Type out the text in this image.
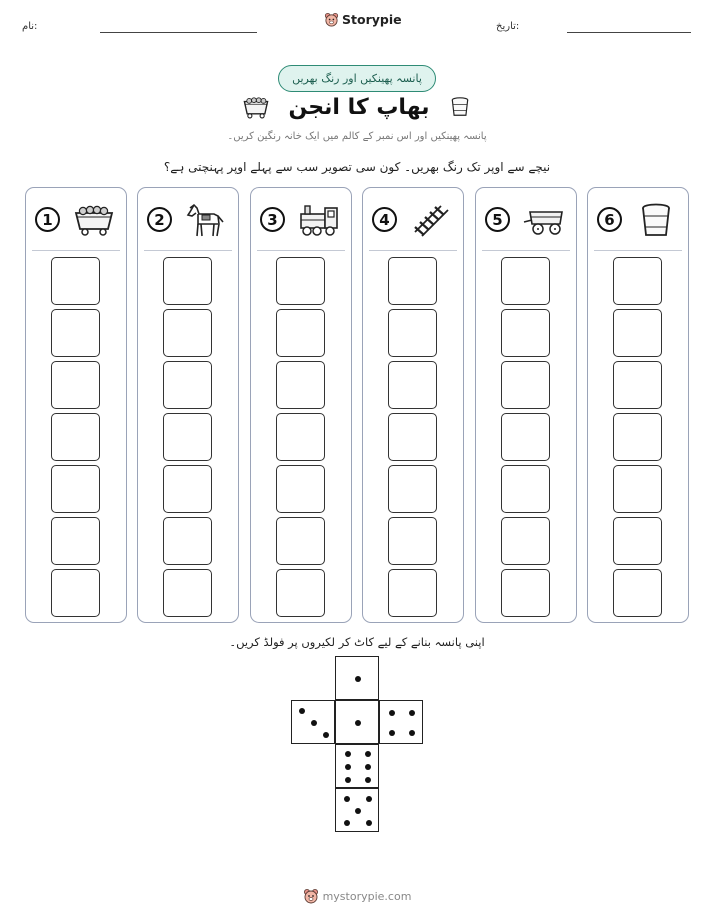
نام:	Storypie	تاریخ:
پانسہ پھینکیں اور رنگ بھریں
بھاپ کا انجن
پانسہ پھینکیں اور اس نمبر کے کالم میں ایک خانہ رنگین کریں۔
نیچے سے اوپر تک رنگ بھریں۔ کون سی تصویر سب سے پہلے اوپر پہنچتی ہے؟
1	2	3	4	5	6
اپنی پانسہ بنانے کے لیے کاٹ کر لکیروں پر فولڈ کریں۔
mystorypie.com
